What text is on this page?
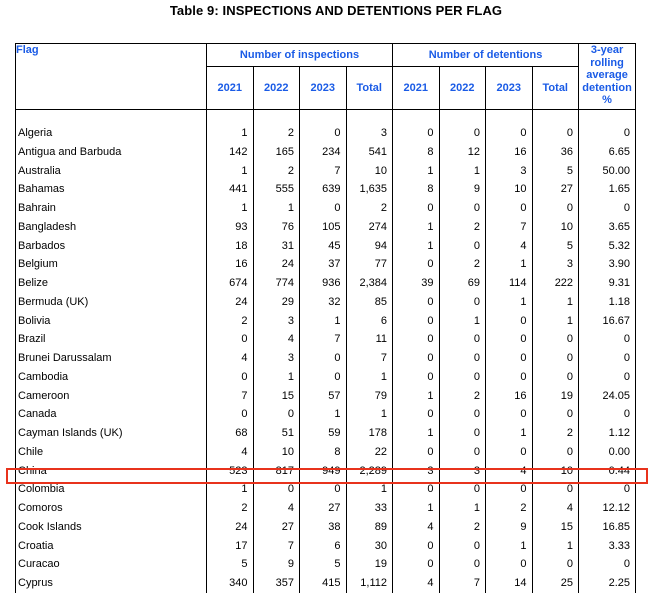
Table 9: INSPECTIONS AND DETENTIONS PER FLAG
Flag	Number of inspections				Number of detentions				3-year
rolling
average
detention
%

	2021	2022	2023	Total	2021	2022	2023	Total	

Algeria	1	2	0	3	0	0	0	0	0
Antigua and Barbuda	142	165	234	541	8	12	16	36	6.65
Australia	1	2	7	10	1	1	3	5	50.00
Bahamas	441	555	639	1,635	8	9	10	27	1.65
Bahrain	1	1	0	2	0	0	0	0	0
Bangladesh	93	76	105	274	1	2	7	10	3.65
Barbados	18	31	45	94	1	0	4	5	5.32
Belgium	16	24	37	77	0	2	1	3	3.90
Belize	674	774	936	2,384	39	69	114	222	9.31
Bermuda (UK)	24	29	32	85	0	0	1	1	1.18
Bolivia	2	3	1	6	0	1	0	1	16.67
Brazil	0	4	7	11	0	0	0	0	0
Brunei Darussalam	4	3	0	7	0	0	0	0	0
Cambodia	0	1	0	1	0	0	0	0	0
Cameroon	7	15	57	79	1	2	16	19	24.05
Canada	0	0	1	1	0	0	0	0	0
Cayman Islands (UK)	68	51	59	178	1	0	1	2	1.12
Chile	4	10	8	22	0	0	0	0	0.00
China	523	817	949	2,289	3	3	4	10	0.44
Colombia	1	0	0	1	0	0	0	0	0
Comoros	2	4	27	33	1	1	2	4	12.12
Cook Islands	24	27	38	89	4	2	9	15	16.85
Croatia	17	7	6	30	0	0	1	1	3.33
Curacao	5	9	5	19	0	0	0	0	0
Cyprus	340	357	415	1,112	4	7	14	25	2.25
